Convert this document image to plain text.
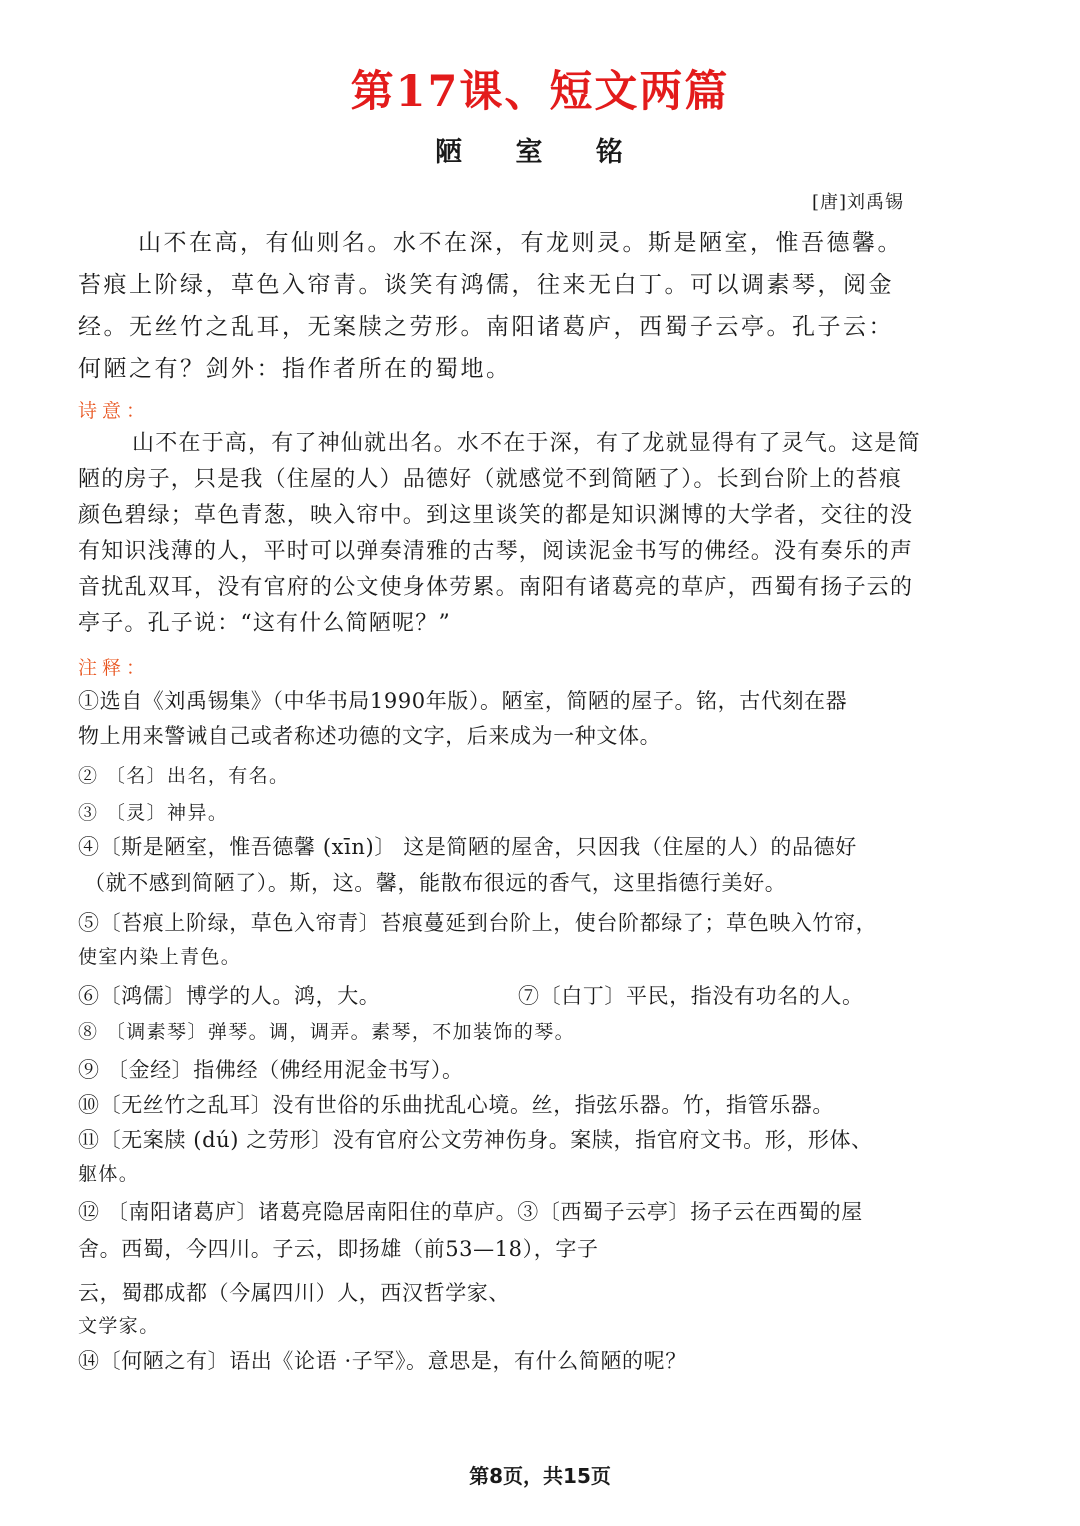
第17课、短文两篇
陋 室 铭
[唐]刘禹锡
山不在高，有仙则名。水不在深，有龙则灵。斯是陋室，惟吾德馨。
苔痕上阶绿，草色入帘青。谈笑有鸿儒，往来无白丁。可以调素琴，阅金
经。无丝竹之乱耳，无案牍之劳形。南阳诸葛庐，西蜀子云亭。孔子云：
何陋之有？剑外：指作者所在的蜀地。
诗意：
山不在于高，有了神仙就出名。水不在于深，有了龙就显得有了灵气。这是简
陋的房子，只是我（住屋的人）品德好（就感觉不到简陋了）。长到台阶上的苔痕
颜色碧绿；草色青葱，映入帘中。到这里谈笑的都是知识渊博的大学者，交往的没
有知识浅薄的人，平时可以弹奏清雅的古琴，阅读泥金书写的佛经。没有奏乐的声
音扰乱双耳，没有官府的公文使身体劳累。南阳有诸葛亮的草庐，西蜀有扬子云的
亭子。孔子说：“这有什么简陋呢？”
注释：
①选自《刘禹锡集》（中华书局1990年版）。陋室，简陋的屋子。铭，古代刻在器
物上用来警诫自己或者称述功德的文字，后来成为一种文体。
② 〔名〕出名，有名。
③ 〔灵〕神异。
④〔斯是陋室，惟吾德馨 (xīn)〕 这是简陋的屋舍，只因我（住屋的人）的品德好
（就不感到简陋了）。斯，这。馨，能散布很远的香气，这里指德行美好。
⑤〔苔痕上阶绿，草色入帘青〕苔痕蔓延到台阶上，使台阶都绿了；草色映入竹帘，
使室内染上青色。
⑥〔鸿儒〕博学的人。鸿，大。	⑦〔白丁〕平民，指没有功名的人。
⑧ 〔调素琴〕弹琴。调，调弄。素琴，不加装饰的琴。
⑨ 〔金经〕指佛经（佛经用泥金书写）。
⑩〔无丝竹之乱耳〕没有世俗的乐曲扰乱心境。丝，指弦乐器。竹，指管乐器。
⑪〔无案牍 (dú) 之劳形〕没有官府公文劳神伤身。案牍，指官府文书。形，形体、
躯体。
⑫ 〔南阳诸葛庐〕诸葛亮隐居南阳住的草庐。③〔西蜀子云亭〕扬子云在西蜀的屋
舍。西蜀，今四川。子云，即扬雄（前53—18），字子
云，蜀郡成都（今属四川）人，西汉哲学家、
文学家。
⑭〔何陋之有〕语出《论语 ·子罕》。意思是，有什么简陋的呢？
第8页，共15页
